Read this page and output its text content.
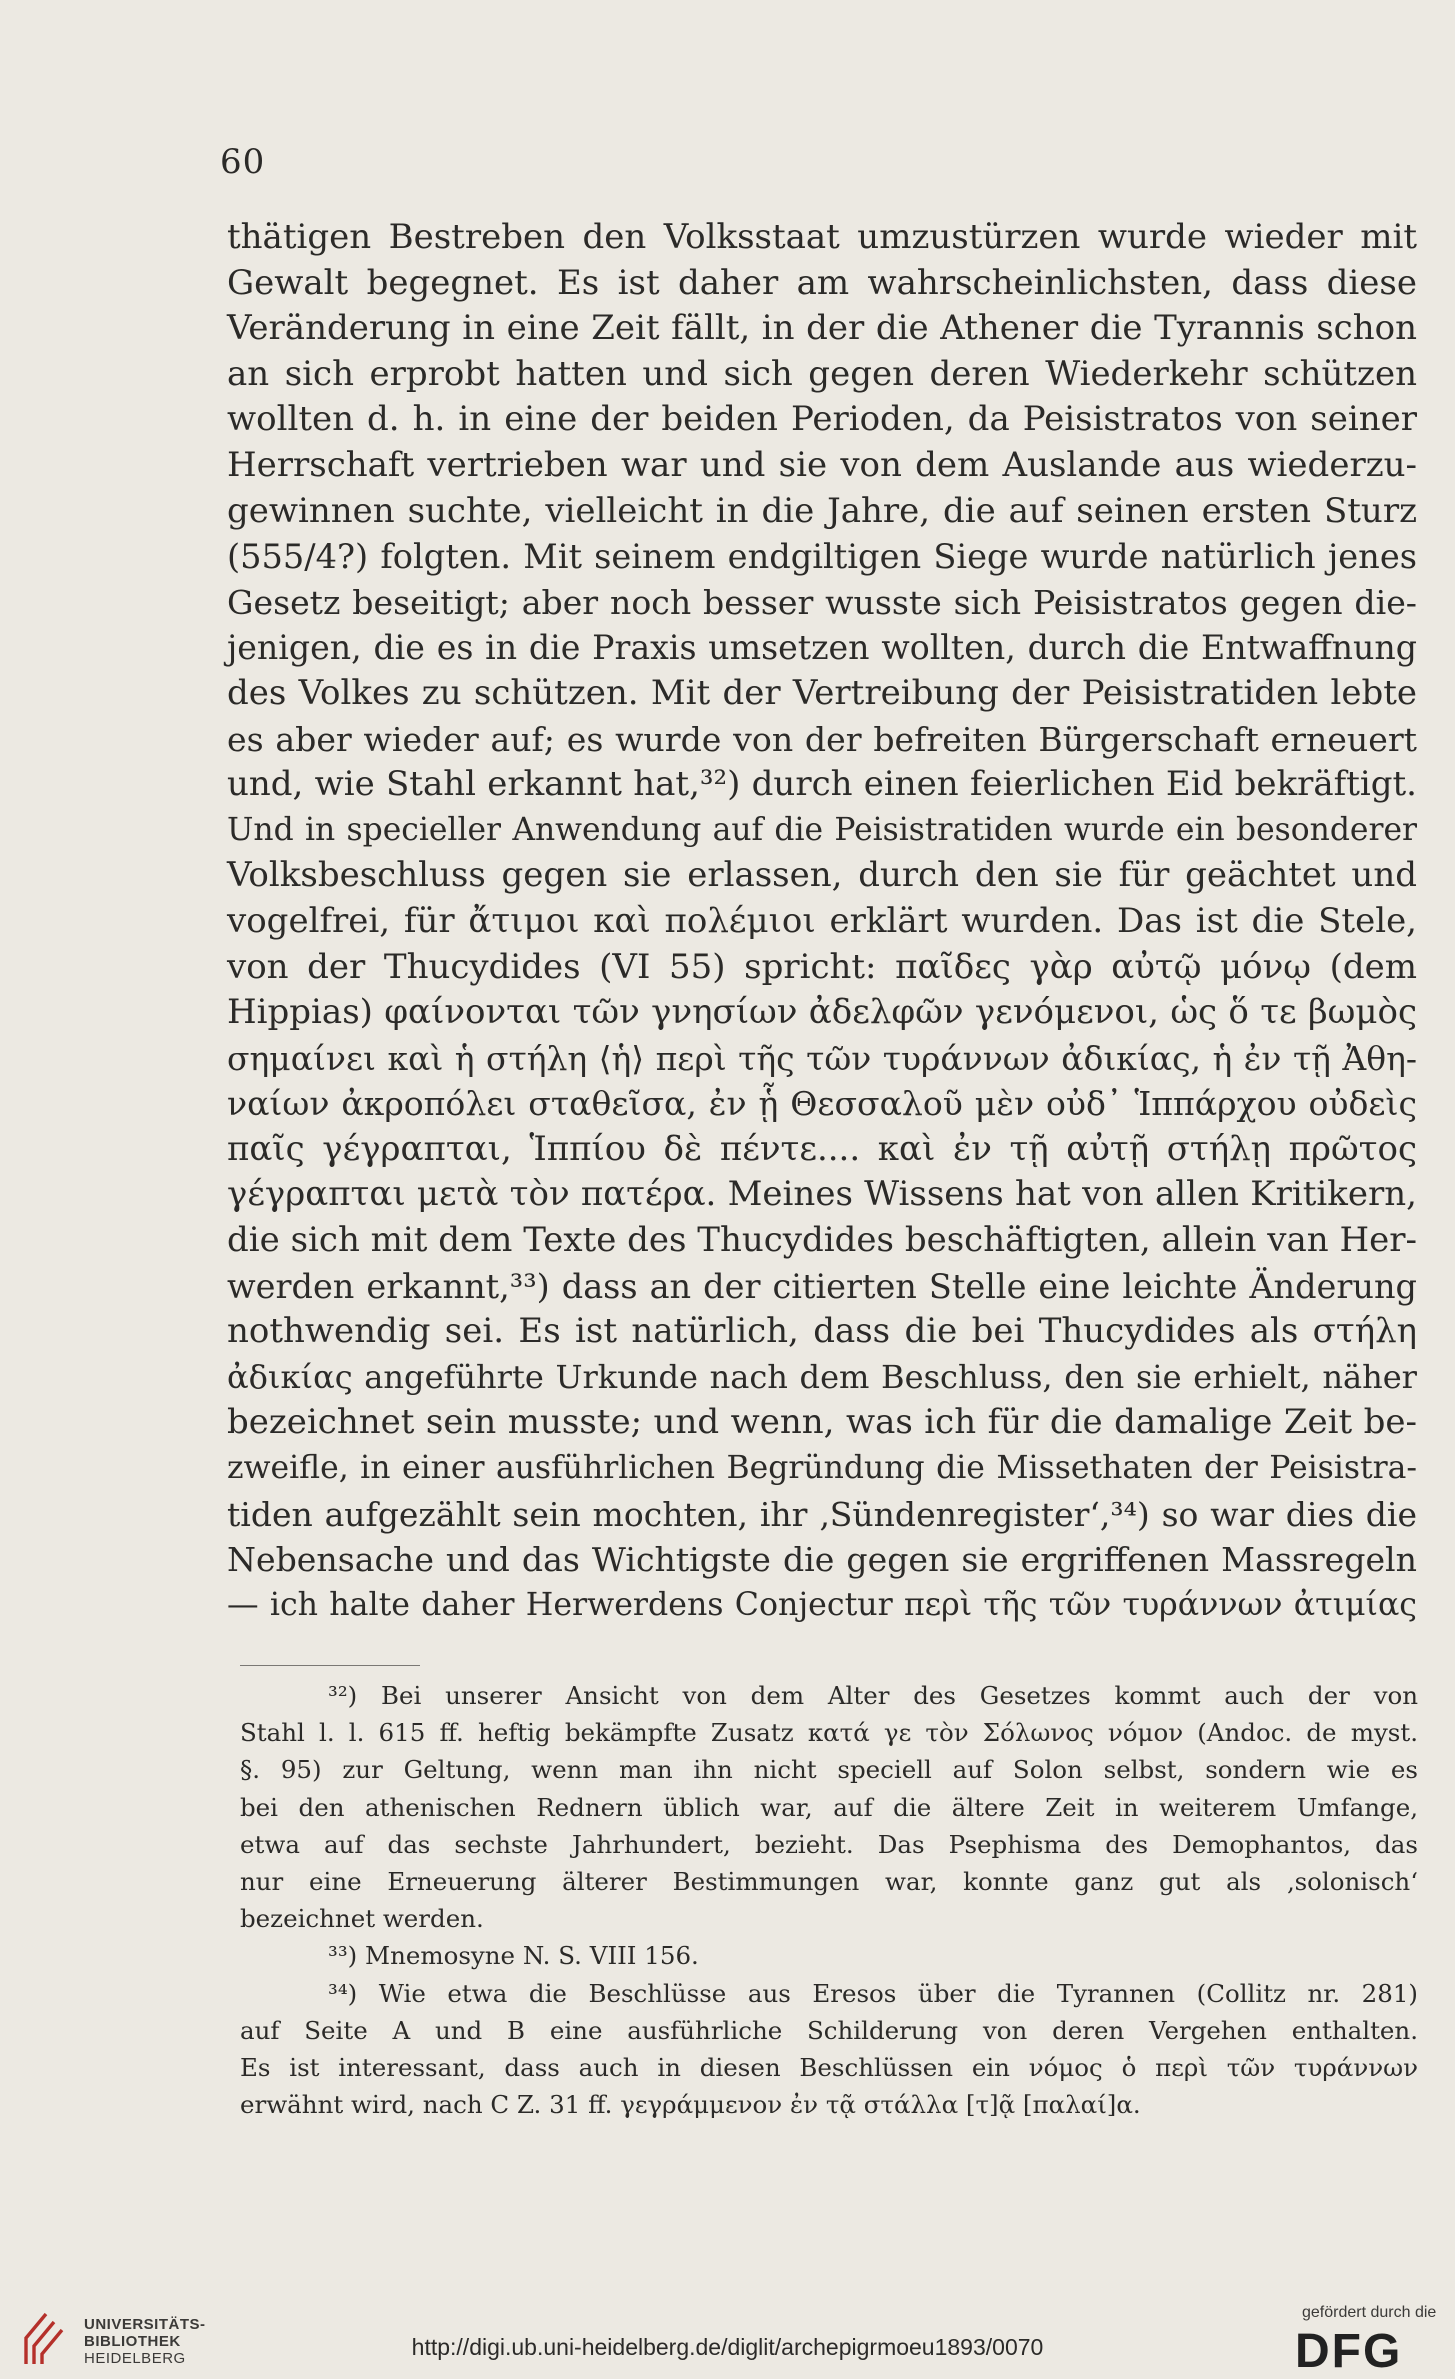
60
thätigen Bestreben den Volksstaat umzustürzen wurde wieder mit
Gewalt begegnet. Es ist daher am wahrscheinlichsten, dass diese
Veränderung in eine Zeit fällt, in der die Athener die Tyrannis schon
an sich erprobt hatten und sich gegen deren Wiederkehr schützen
wollten d. h. in eine der beiden Perioden, da Peisistratos von seiner
Herrschaft vertrieben war und sie von dem Auslande aus wiederzu-
gewinnen suchte, vielleicht in die Jahre, die auf seinen ersten Sturz
(555/4?) folgten. Mit seinem endgiltigen Siege wurde natürlich jenes
Gesetz beseitigt; aber noch besser wusste sich Peisistratos gegen die-
jenigen, die es in die Praxis umsetzen wollten, durch die Entwaffnung
des Volkes zu schützen. Mit der Vertreibung der Peisistratiden lebte
es aber wieder auf; es wurde von der befreiten Bürgerschaft erneuert
und, wie Stahl erkannt hat,³²) durch einen feierlichen Eid bekräftigt.
Und in specieller Anwendung auf die Peisistratiden wurde ein besonderer
Volksbeschluss gegen sie erlassen, durch den sie für geächtet und
vogelfrei, für ἄτιμοι καὶ πολέμιοι erklärt wurden. Das ist die Stele,
von der Thucydides (VI 55) spricht: παῖδες γὰρ αὐτῷ μόνῳ (dem
Hippias) φαίνονται τῶν γνησίων ἀδελφῶν γενόμενοι, ὡς ὅ τε βωμὸς
σημαίνει καὶ ἡ στήλη ⟨ἡ⟩ περὶ τῆς τῶν τυράννων ἀδικίας, ἡ ἐν τῇ Ἀθη-
ναίων ἀκροπόλει σταθεῖσα, ἐν ᾗ Θεσσαλοῦ μὲν οὐδ᾽ Ἱππάρχου οὐδεὶς
παῖς γέγραπται, Ἱππίου δὲ πέντε.... καὶ ἐν τῇ αὐτῇ στήλῃ πρῶτος
γέγραπται μετὰ τὸν πατέρα. Meines Wissens hat von allen Kritikern,
die sich mit dem Texte des Thucydides beschäftigten, allein van Her-
werden erkannt,³³) dass an der citierten Stelle eine leichte Änderung
nothwendig sei. Es ist natürlich, dass die bei Thucydides als στήλη
ἀδικίας angeführte Urkunde nach dem Beschluss, den sie erhielt, näher
bezeichnet sein musste; und wenn, was ich für die damalige Zeit be-
zweifle, in einer ausführlichen Begründung die Missethaten der Peisistra-
tiden aufgezählt sein mochten, ihr ‚Sündenregister‘,³⁴) so war dies die
Nebensache und das Wichtigste die gegen sie ergriffenen Massregeln
— ich halte daher Herwerdens Conjectur περὶ τῆς τῶν τυράννων ἀτιμίας
³²) Bei unserer Ansicht von dem Alter des Gesetzes kommt auch der von
Stahl l. l. 615 ff. heftig bekämpfte Zusatz κατά γε τὸν Σόλωνος νόμον (Andoc. de myst.
§. 95) zur Geltung, wenn man ihn nicht speciell auf Solon selbst, sondern wie es
bei den athenischen Rednern üblich war, auf die ältere Zeit in weiterem Umfange,
etwa auf das sechste Jahrhundert, bezieht. Das Psephisma des Demophantos, das
nur eine Erneuerung älterer Bestimmungen war, konnte ganz gut als ‚solonisch‘
bezeichnet werden.
³³) Mnemosyne N. S. VIII 156.
³⁴) Wie etwa die Beschlüsse aus Eresos über die Tyrannen (Collitz nr. 281)
auf Seite A und B eine ausführliche Schilderung von deren Vergehen enthalten.
Es ist interessant, dass auch in diesen Beschlüssen ein νόμος ὁ περὶ τῶν τυράννων
erwähnt wird, nach C Z. 31 ff. γεγράμμενον ἐν τᾷ στάλλα [τ]ᾷ [παλαί]α.
UNIVERSITÄTS-
BIBLIOTHEK
HEIDELBERG	http://digi.ub.uni-heidelberg.de/diglit/archepigrmoeu1893/0070
gefördert durch die
DFG
